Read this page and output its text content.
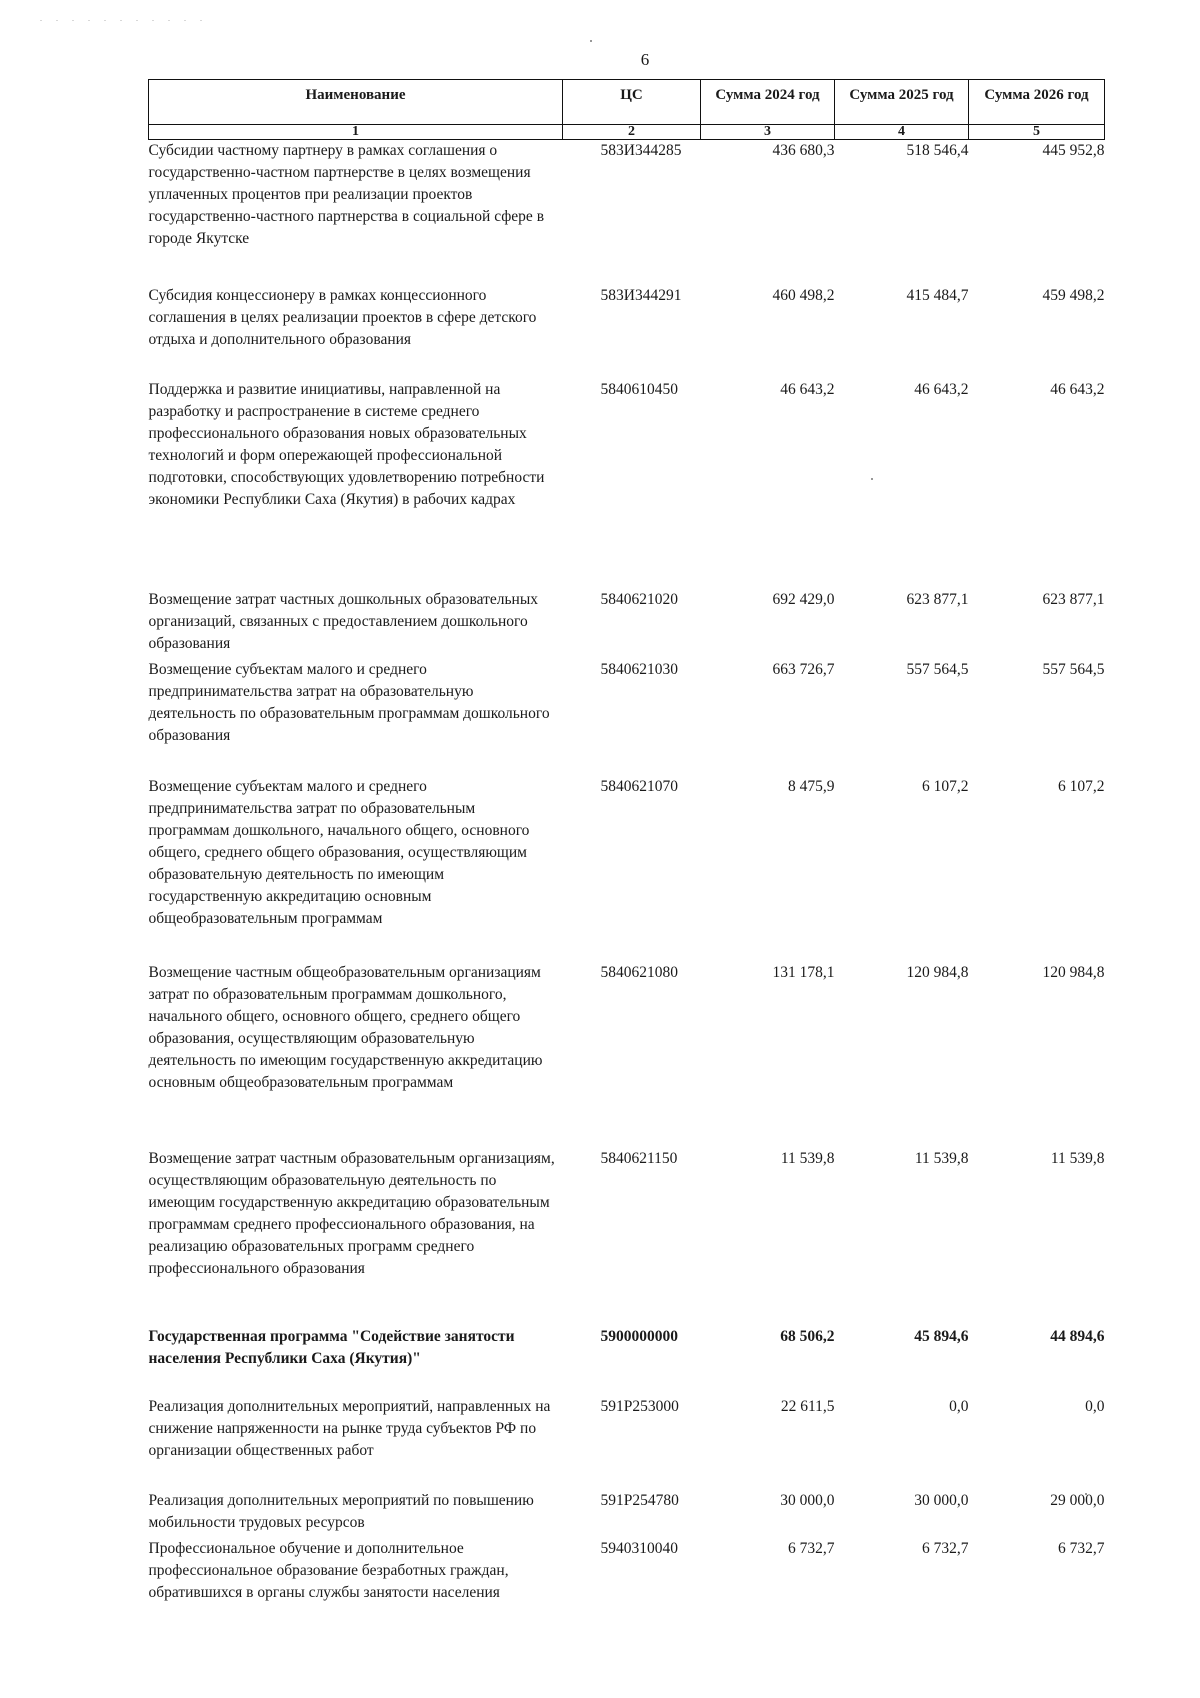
. . . . . . . . . . .
6
Наименование	ЦС	Сумма 2024 год	Сумма 2025 год	Сумма 2026 год
1	2	3	4	5
Субсидии частному партнеру в рамках соглашения о государственно-частном партнерстве в целях возмещения уплаченных процентов при реализации проектов государственно-частного партнерства в социальной сфере в городе Якутске	583И344285	436 680,3	518 546,4	445 952,8
Субсидия концессионеру в рамках концессионного соглашения в целях реализации проектов в сфере детского отдыха и дополнительного образования	583И344291	460 498,2	415 484,7	459 498,2
Поддержка и развитие инициативы, направленной на разработку и распространение в системе среднего профессионального образования новых образовательных технологий и форм опережающей профессиональной подготовки, способствующих удовлетворению потребности экономики Республики Саха (Якутия) в рабочих кадрах	5840610450	46 643,2	46 643,2	46 643,2
Возмещение затрат частных дошкольных образовательных организаций, связанных с предоставлением дошкольного образования	5840621020	692 429,0	623 877,1	623 877,1
Возмещение субъектам малого и среднего предпринимательства затрат на образовательную деятельность по образовательным программам дошкольного образования	5840621030	663 726,7	557 564,5	557 564,5
Возмещение субъектам малого и среднего предпринимательства затрат по образовательным программам дошкольного, начального общего, основного общего, среднего общего образования, осуществляющим образовательную деятельность по имеющим государственную аккредитацию основным общеобразовательным программам	5840621070	8 475,9	6 107,2	6 107,2
Возмещение частным общеобразовательным организациям затрат по образовательным программам дошкольного, начального общего, основного общего, среднего общего образования, осуществляющим образовательную деятельность по имеющим государственную аккредитацию основным общеобразовательным программам	5840621080	131 178,1	120 984,8	120 984,8
Возмещение затрат частным образовательным организациям, осуществляющим образовательную деятельность по имеющим государственную аккредитацию образовательным программам среднего профессионального образования, на реализацию образовательных программ среднего профессионального образования	5840621150	11 539,8	11 539,8	11 539,8
Государственная программа "Содействие занятости населения Республики Саха (Якутия)"	5900000000	68 506,2	45 894,6	44 894,6
Реализация дополнительных мероприятий, направленных на снижение напряженности на рынке труда субъектов РФ по организации общественных работ	591P253000	22 611,5	0,0	0,0
Реализация дополнительных мероприятий по повышению мобильности трудовых ресурсов	591P254780	30 000,0	30 000,0	29 000,0
Профессиональное обучение и дополнительное профессиональное образование безработных граждан, обратившихся в органы службы занятости населения	5940310040	6 732,7	6 732,7	6 732,7
